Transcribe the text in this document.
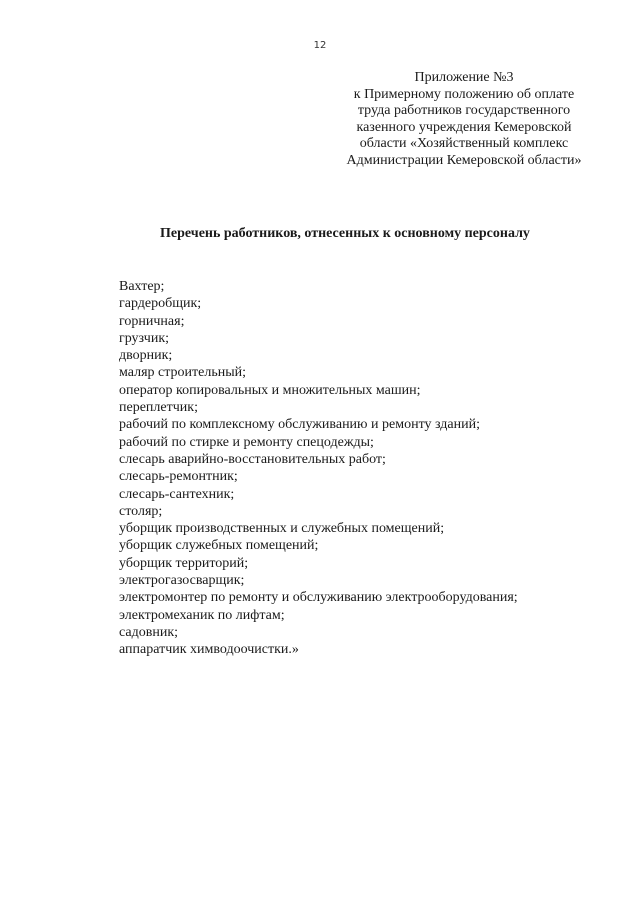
12
Приложение №3
к Примерному положению об оплате
труда работников государственного
казенного учреждения Кемеровской
области «Хозяйственный комплекс
Администрации Кемеровской области»
Перечень работников, отнесенных к основному персоналу
Вахтер;
гардеробщик;
горничная;
грузчик;
дворник;
маляр строительный;
оператор копировальных и множительных машин;
переплетчик;
рабочий по комплексному обслуживанию и ремонту зданий;
рабочий по стирке и ремонту спецодежды;
слесарь аварийно-восстановительных работ;
слесарь-ремонтник;
слесарь-сантехник;
столяр;
уборщик производственных и служебных помещений;
уборщик служебных помещений;
уборщик территорий;
электрогазосварщик;
электромонтер по ремонту и обслуживанию электрооборудования;
электромеханик по лифтам;
садовник;
аппаратчик химводоочистки.»
